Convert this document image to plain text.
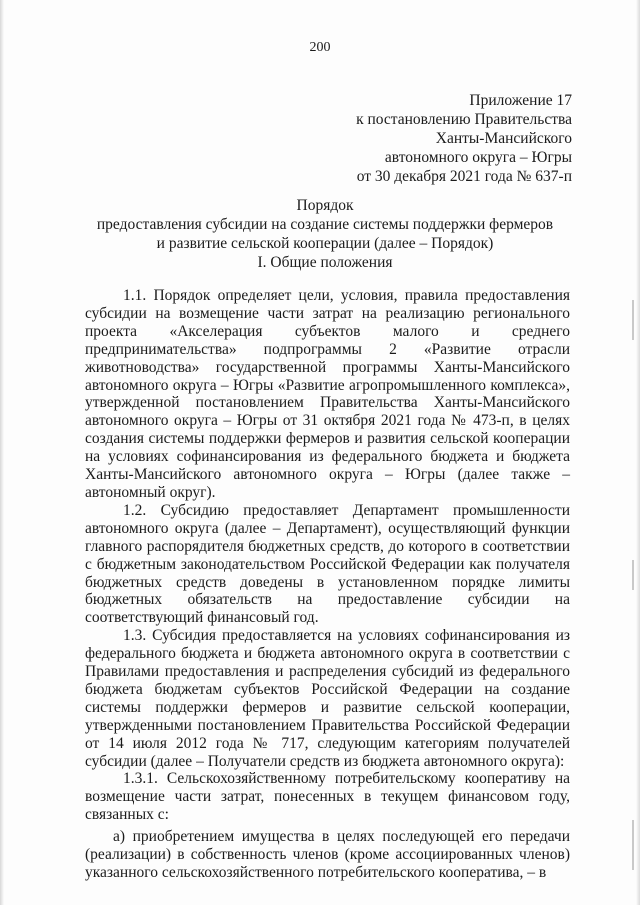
200
Приложение 17
к постановлению Правительства
Ханты-Мансийского
автономного округа – Югры
от 30 декабря 2021 года № 637-п
Порядок
предоставления субсидии на создание системы поддержки фермеров
и развитие сельской кооперации (далее – Порядок)
I. Общие положения

1.1. Порядок определяет цели, условия, правила предоставления субсидии на возмещение части затрат на реализацию регионального проекта «Акселерация субъектов малого и среднего предпринимательства» подпрограммы 2 «Развитие отрасли животноводства» государственной программы Ханты-Мансийского автономного округа – Югры «Развитие агропромышленного комплекса», утвержденной постановлением Правительства Ханты-Мансийского автономного округа – Югры от 31 октября 2021 года № 473-п, в целях создания системы поддержки фермеров и развития сельской кооперации на условиях софинансирования из федерального бюджета и бюджета Ханты-Мансийского автономного округа – Югры (далее также – автономный округ).

1.2. Субсидию предоставляет Департамент промышленности автономного округа (далее – Департамент), осуществляющий функции главного распорядителя бюджетных средств, до которого в соответствии с бюджетным законодательством Российской Федерации как получателя бюджетных средств доведены в установленном порядке лимиты бюджетных обязательств на предоставление субсидии на соответствующий финансовый год.

1.3. Субсидия предоставляется на условиях софинансирования из федерального бюджета и бюджета автономного округа в соответствии с Правилами предоставления и распределения субсидий из федерального бюджета бюджетам субъектов Российской Федерации на создание системы поддержки фермеров и развитие сельской кооперации, утвержденными постановлением Правительства Российской Федерации от 14 июля 2012 года № 717, следующим категориям получателей субсидии (далее – Получатели средств из бюджета автономного округа):

1.3.1. Сельскохозяйственному потребительскому кооперативу на возмещение части затрат, понесенных в текущем финансовом году, связанных с:

а) приобретением имущества в целях последующей его передачи (реализации) в собственность членов (кроме ассоциированных членов) указанного сельскохозяйственного потребительского кооператива, – в
